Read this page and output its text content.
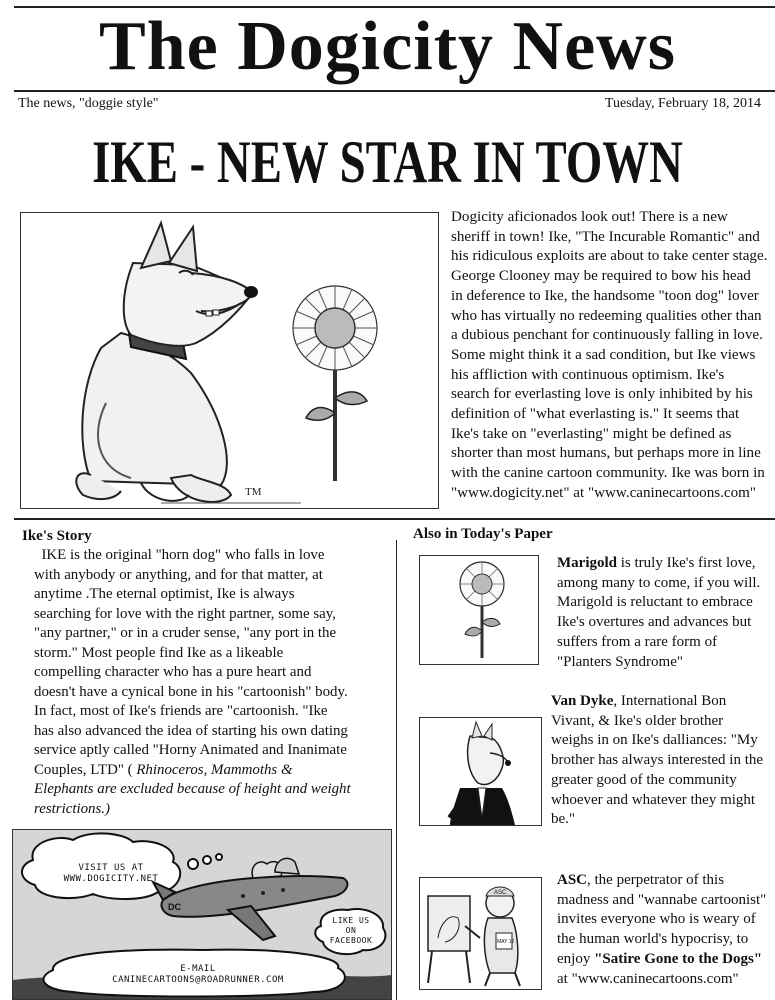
The Dogicity News
The news, "doggie style"	Tuesday, February 18, 2014
IKE - NEW STAR IN TOWN
TM
Dogicity aficionados look out! There is a new
sheriff in town! Ike, "The Incurable Romantic" and
his ridiculous exploits are about to take center stage.
George Clooney may be required to bow his head
in deference to Ike, the handsome "toon dog" lover
who has virtually no redeeming qualities other than
a dubious penchant for continuously falling in love.
Some might think it a sad condition, but Ike views
his affliction with continuous optimism. Ike's
search for everlasting love is only inhibited by his
definition of "what everlasting is." It seems that
Ike's take on "everlasting" might be defined as
shorter than most humans, but perhaps more in line
with the canine cartoon community. Ike was born in
"www.dogicity.net" at "www.caninecartoons.com"
Ike's Story
IKE is the original "horn dog" who falls in love
with anybody or anything, and for that matter, at
anytime .The eternal optimist, Ike is always
searching for love with the right partner, some say,
"any partner," or in a cruder sense, "any port in the
storm." Most people find Ike as a likeable
compelling character who has a pure heart and
doesn't have a cynical bone in his "cartoonish" body.
In fact, most of Ike's friends are "cartoonish. "Ike
has also advanced the idea of starting his own dating
service aptly called "Horny Animated and Inanimate
Couples, LTD" ( Rhinoceros, Mammoths &
Elephants are excluded because of height and weight
restrictions.)
Also in Today's Paper
Marigold is truly Ike's first love,
among many to come, if you will.
Marigold is reluctant to embrace
Ike's overtures and advances but
suffers from a rare form of
"Planters Syndrome"
Van Dyke, International Bon
Vivant, & Ike's older brother
weighs in on Ike's dalliances: "My
brother has always interested in the
greater good of the community
whoever and whatever they might
be."
ASC
MAY 12
ASC, the perpetrator of this
madness and "wannabe cartoonist"
invites everyone who is weary of
the human world's hypocrisy, to
enjoy "Satire Gone to the Dogs"
at "www.caninecartoons.com"
DC
VISIT US AT
WWW.DOGICITY.NET
LIKE US
ON
FACEBOOK
E-MAIL
CANINECARTOONS@ROADRUNNER.COM
